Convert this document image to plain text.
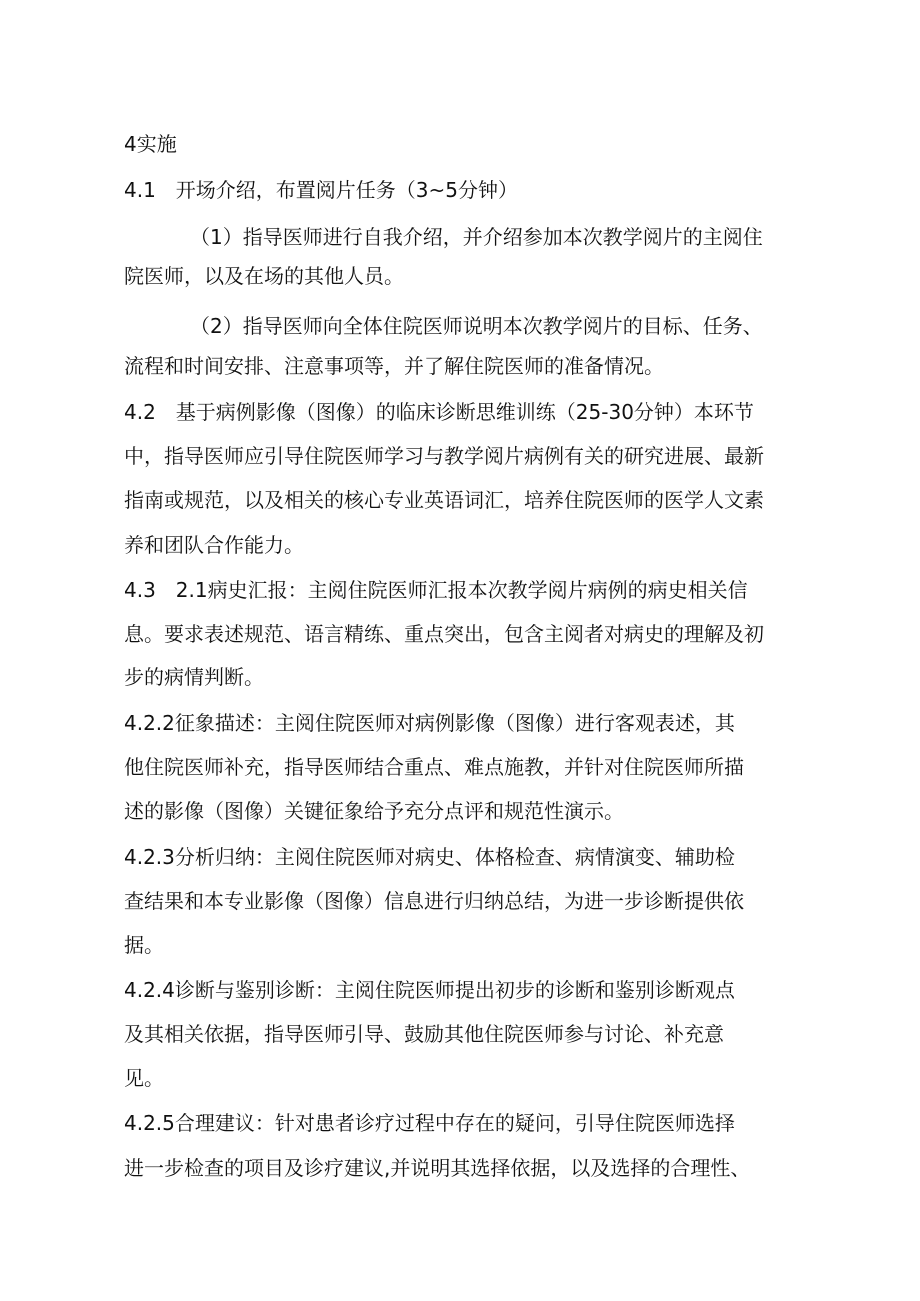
4实施

4.1　开场介绍，布置阅片任务（3~5分钟）

（1）指导医师进行自我介绍，并介绍参加本次教学阅片的主阅住

院医师，以及在场的其他人员。

（2）指导医师向全体住院医师说明本次教学阅片的目标、任务、

流程和时间安排、注意事项等，并了解住院医师的准备情况。

4.2　基于病例影像（图像）的临床诊断思维训练（25-30分钟）本环节

中，指导医师应引导住院医师学习与教学阅片病例有关的研究进展、最新

指南或规范，以及相关的核心专业英语词汇，培养住院医师的医学人文素

养和团队合作能力。

4.3　2.1病史汇报：主阅住院医师汇报本次教学阅片病例的病史相关信

息。要求表述规范、语言精练、重点突出，包含主阅者对病史的理解及初

步的病情判断。

4.2.2征象描述：主阅住院医师对病例影像（图像）进行客观表述，其

他住院医师补充，指导医师结合重点、难点施教，并针对住院医师所描

述的影像（图像）关键征象给予充分点评和规范性演示。

4.2.3分析归纳：主阅住院医师对病史、体格检查、病情演变、辅助检

查结果和本专业影像（图像）信息进行归纳总结，为进一步诊断提供依

据。

4.2.4诊断与鉴别诊断：主阅住院医师提出初步的诊断和鉴别诊断观点

及其相关依据，指导医师引导、鼓励其他住院医师参与讨论、补充意

见。

4.2.5合理建议：针对患者诊疗过程中存在的疑问，引导住院医师选择

进一步检查的项目及诊疗建议,并说明其选择依据，以及选择的合理性、
